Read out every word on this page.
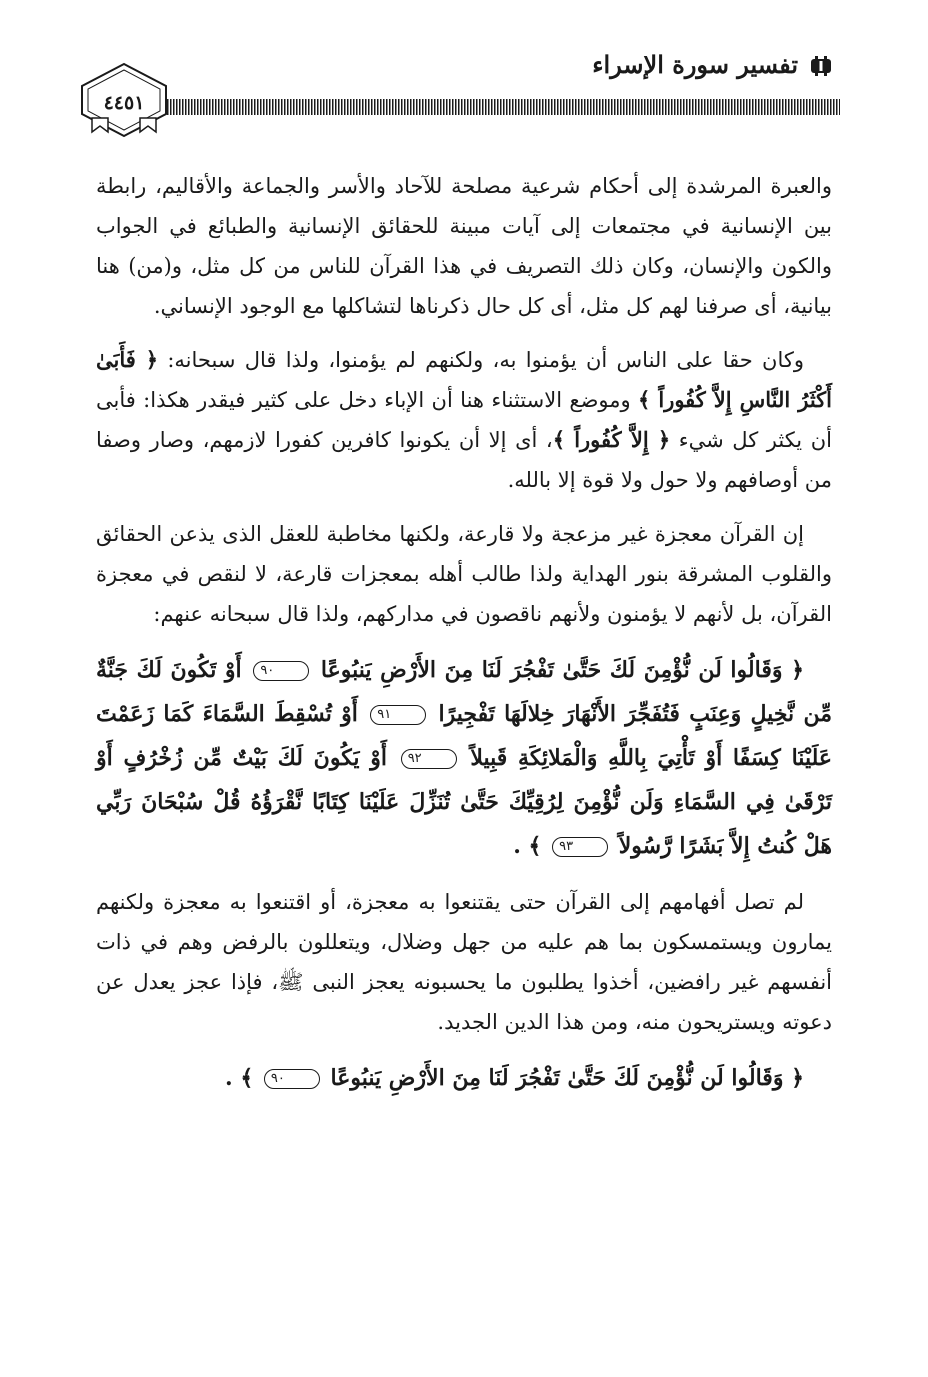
تفسير سورة الإسراء
٤٤٥١

والعبرة المرشدة إلى أحكام شرعية مصلحة للآحاد والأسر والجماعة والأقاليم، رابطة بين الإنسانية في مجتمعات إلى آيات مبينة للحقائق الإنسانية والطبائع في الجواب والكون والإنسان، وكان ذلك التصريف في هذا القرآن للناس من كل مثل، و(من) هنا بيانية، أى صرفنا لهم كل مثل، أى كل حال ذكرناها لتشاكلها مع الوجود الإنساني.

وكان حقا على الناس أن يؤمنوا به، ولكنهم لم يؤمنوا، ولذا قال سبحانه: ﴿ فَأَبَىٰ أَكْثَرُ النَّاسِ إِلاَّ كُفُوراً ﴾ وموضع الاستثناء هنا أن الإباء دخل على كثير فيقدر هكذا: فأبى أن يكثر كل شيء ﴿ إِلاَّ كُفُوراً ﴾، أى إلا أن يكونوا كافرين كفورا لازمهم، وصار وصفا من أوصافهم ولا حول ولا قوة إلا بالله.

إن القرآن معجزة غير مزعجة ولا قارعة، ولكنها مخاطبة للعقل الذى يذعن الحقائق والقلوب المشرقة بنور الهداية ولذا طالب أهله بمعجزات قارعة، لا لنقص في معجزة القرآن، بل لأنهم لا يؤمنون ولأنهم ناقصون في مداركهم، ولذا قال سبحانه عنهم:

﴿ وَقَالُوا لَن نُّؤْمِنَ لَكَ حَتَّىٰ تَفْجُرَ لَنَا مِنَ الأَرْضِ يَنبُوعًا ٩٠ أَوْ تَكُونَ لَكَ جَنَّةٌ مِّن نَّخِيلٍ وَعِنَبٍ فَتُفَجِّرَ الأَنْهَارَ خِلالَهَا تَفْجِيرًا ٩١ أَوْ تُسْقِطَ السَّمَاءَ كَمَا زَعَمْتَ عَلَيْنَا كِسَفًا أَوْ تَأْتِيَ بِاللَّهِ وَالْمَلائِكَةِ قَبِيلاً ٩٢ أَوْ يَكُونَ لَكَ بَيْتٌ مِّن زُخْرُفٍ أَوْ تَرْقَىٰ فِي السَّمَاءِ وَلَن نُّؤْمِنَ لِرُقِيِّكَ حَتَّىٰ تُنَزِّلَ عَلَيْنَا كِتَابًا نَّقْرَؤُهُ قُلْ سُبْحَانَ رَبِّي هَلْ كُنتُ إِلاَّ بَشَرًا رَّسُولاً ٩٣ ﴾ .

لم تصل أفهامهم إلى القرآن حتى يقتنعوا به معجزة، أو اقتنعوا به معجزة ولكنهم يمارون ويستمسكون بما هم عليه من جهل وضلال، ويتعللون بالرفض وهم في ذات أنفسهم غير رافضين، أخذوا يطلبون ما يحسبونه يعجز النبى ﷺ، فإذا عجز يعدل عن دعوته ويستريحون منه، ومن هذا الدين الجديد.

﴿ وَقَالُوا لَن نُّؤْمِنَ لَكَ حَتَّىٰ تَفْجُرَ لَنَا مِنَ الأَرْضِ يَنبُوعًا ٩٠ ﴾ .
